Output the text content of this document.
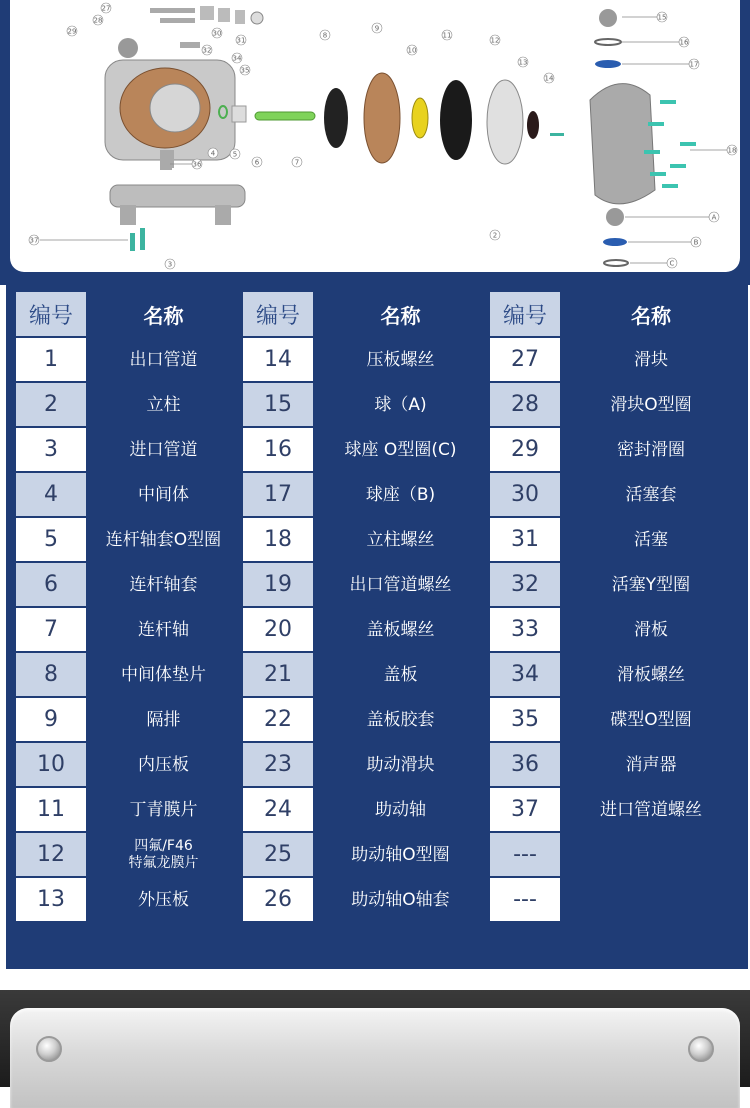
15
16
17
18
A
B
C
37
3
36
8
9
10
11
12
13
14
2
4	5
6	7
27
28
29	30
31
32
34
35
编号	名称		编号	名称		编号	名称
1	出口管道		14	压板螺丝		27	滑块
2	立柱		15	球（A)		28	滑块O型圈
3	进口管道		16	球座 O型圈(C)		29	密封滑圈
4	中间体		17	球座（B)		30	活塞套
5	连杆轴套O型圈		18	立柱螺丝		31	活塞
6	连杆轴套		19	出口管道螺丝		32	活塞Y型圈
7	连杆轴		20	盖板螺丝		33	滑板
8	中间体垫片		21	盖板		34	滑板螺丝
9	隔排		22	盖板胶套		35	碟型O型圈
10	内压板		23	助动滑块		36	消声器
11	丁青膜片		24	助动轴		37	进口管道螺丝
12	四氟/F46
特氟龙膜片		25	助动轴O型圈		---	
13	外压板		26	助动轴O轴套		---	
